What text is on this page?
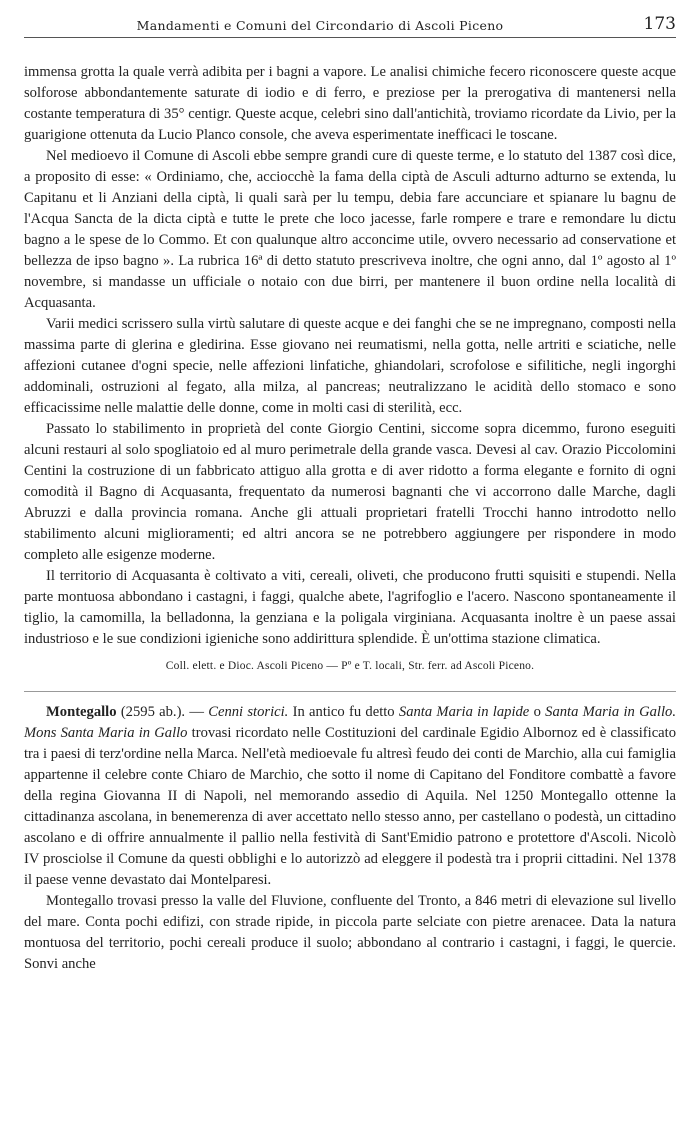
Mandamenti e Comuni del Circondario di Ascoli Piceno	173

immensa grotta la quale verrà adibita per i bagni a vapore. Le analisi chimiche fecero riconoscere queste acque solforose abbondantemente saturate di iodio e di ferro, e preziose per la prerogativa di mantenersi nella costante temperatura di 35° centigr. Queste acque, celebri sino dall'antichità, troviamo ricordate da Livio, per la guarigione ottenuta da Lucio Planco console, che aveva esperimentate inefficaci le toscane.

Nel medioevo il Comune di Ascoli ebbe sempre grandi cure di queste terme, e lo statuto del 1387 così dice, a proposito di esse: « Ordiniamo, che, acciocchè la fama della ciptà de Asculi adturno adturno se extenda, lu Capitanu et li Anziani della ciptà, li quali sarà per lu tempu, debia fare accunciare et spianare lu bagnu de l'Acqua Sancta de la dicta ciptà e tutte le prete che loco jacesse, farle rompere e trare e remondare lu dictu bagno a le spese de lo Commo. Et con qualunque altro acconcime utile, ovvero necessario ad conservatione et bellezza de ipso bagno ». La rubrica 16ª di detto statuto prescriveva inoltre, che ogni anno, dal 1º agosto al 1º novembre, si mandasse un ufficiale o notaio con due birri, per mantenere il buon ordine nella località di Acquasanta.

Varii medici scrissero sulla virtù salutare di queste acque e dei fanghi che se ne impregnano, composti nella massima parte di glerina e gledirina. Esse giovano nei reumatismi, nella gotta, nelle artriti e sciatiche, nelle affezioni cutanee d'ogni specie, nelle affezioni linfatiche, ghiandolari, scrofolose e sifilitiche, negli ingorghi addominali, ostruzioni al fegato, alla milza, al pancreas; neutralizzano le acidità dello stomaco e sono efficacissime nelle malattie delle donne, come in molti casi di sterilità, ecc.

Passato lo stabilimento in proprietà del conte Giorgio Centini, siccome sopra dicemmo, furono eseguiti alcuni restauri al solo spogliatoio ed al muro perimetrale della grande vasca. Devesi al cav. Orazio Piccolomini Centini la costruzione di un fabbricato attiguo alla grotta e di aver ridotto a forma elegante e fornito di ogni comodità il Bagno di Acquasanta, frequentato da numerosi bagnanti che vi accorrono dalle Marche, dagli Abruzzi e dalla provincia romana. Anche gli attuali proprietari fratelli Trocchi hanno introdotto nello stabilimento alcuni miglioramenti; ed altri ancora se ne potrebbero aggiungere per rispondere in modo completo alle esigenze moderne.

Il territorio di Acquasanta è coltivato a viti, cereali, oliveti, che producono frutti squisiti e stupendi. Nella parte montuosa abbondano i castagni, i faggi, qualche abete, l'agrifoglio e l'acero. Nascono spontaneamente il tiglio, la camomilla, la belladonna, la genziana e la poligala virginiana. Acquasanta inoltre è un paese assai industrioso e le sue condizioni igieniche sono addirittura splendide. È un'ottima stazione climatica.

Coll. elett. e Dioc. Ascoli Piceno — Pº e T. locali, Str. ferr. ad Ascoli Piceno.

Montegallo (2595 ab.). — Cenni storici. In antico fu detto Santa Maria in lapide o Santa Maria in Gallo. Mons Santa Maria in Gallo trovasi ricordato nelle Costituzioni del cardinale Egidio Albornoz ed è classificato tra i paesi di terz'ordine nella Marca. Nell'età medioevale fu altresì feudo dei conti de Marchio, alla cui famiglia appartenne il celebre conte Chiaro de Marchio, che sotto il nome di Capitano del Fonditore combattè a favore della regina Giovanna II di Napoli, nel memorando assedio di Aquila. Nel 1250 Montegallo ottenne la cittadinanza ascolana, in benemerenza di aver accettato nello stesso anno, per castellano o podestà, un cittadino ascolano e di offrire annualmente il pallio nella festività di Sant'Emidio patrono e protettore d'Ascoli. Nicolò IV prosciolse il Comune da questi obblighi e lo autorizzò ad eleggere il podestà tra i proprii cittadini. Nel 1378 il paese venne devastato dai Montelparesi.

Montegallo trovasi presso la valle del Fluvione, confluente del Tronto, a 846 metri di elevazione sul livello del mare. Conta pochi edifizi, con strade ripide, in piccola parte selciate con pietre arenacee. Data la natura montuosa del territorio, pochi cereali produce il suolo; abbondano al contrario i castagni, i faggi, le quercie. Sonvi anche
